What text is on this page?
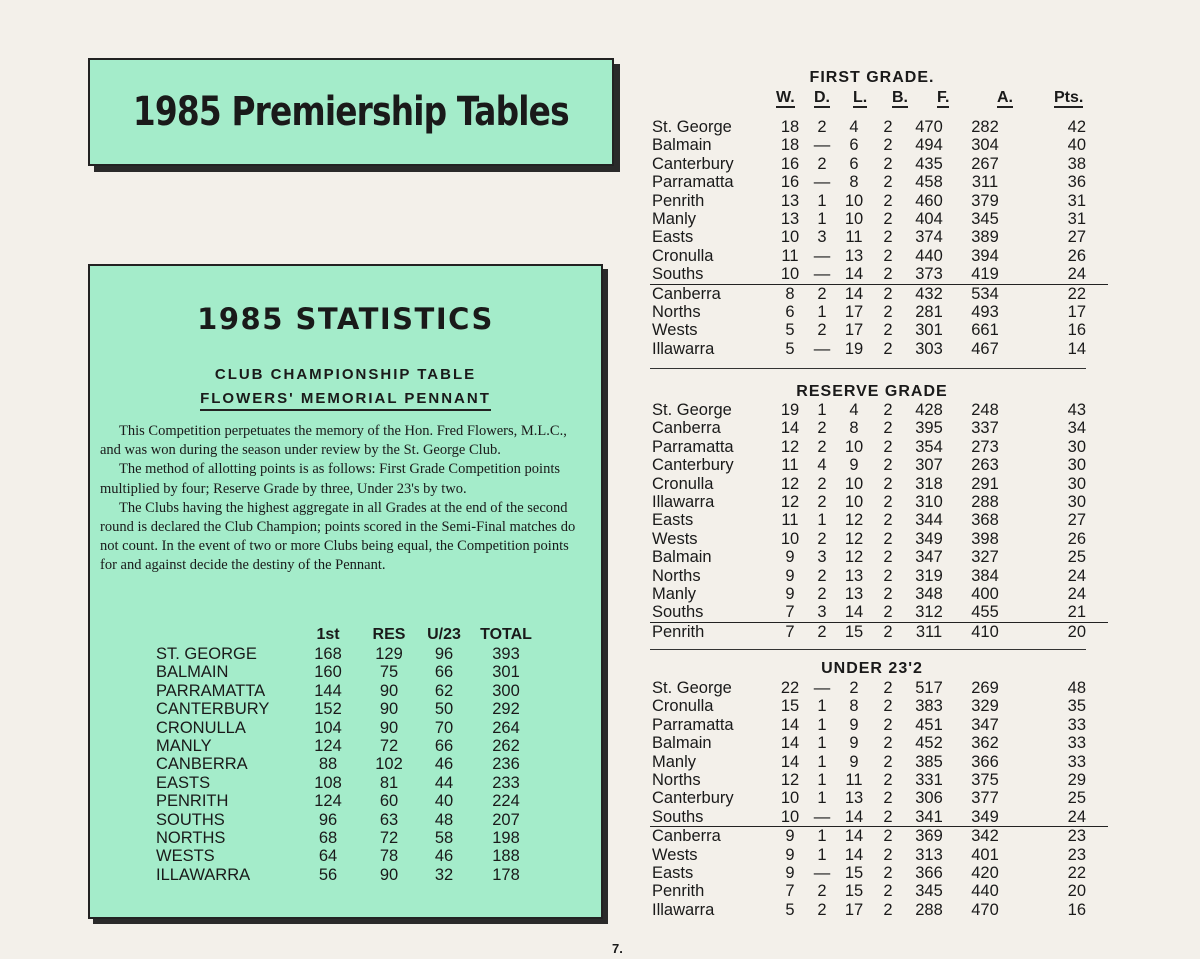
1985 Premiership Tables
1985 STATISTICS
CLUB CHAMPIONSHIP TABLE
FLOWERS' MEMORIAL PENNANT

This Competition perpetuates the memory of the Hon. Fred Flowers, M.L.C., and was won during the season under review by the St. George Club.

The method of allotting points is as follows: First Grade Competition points multiplied by four; Reserve Grade by three, Under 23's by two.

The Clubs having the highest aggregate in all Grades at the end of the second round is declared the Club Champion; points scored in the Semi-Final matches do not count. In the event of two or more Clubs being equal, the Competition points for and against decide the destiny of the Pennant.

	1st	RES	U/23	TOTAL
ST. GEORGE	168	129	96	393
BALMAIN	160	75	66	301
PARRAMATTA	144	90	62	300
CANTERBURY	152	90	50	292
CRONULLA	104	90	70	264
MANLY	124	72	66	262
CANBERRA	88	102	46	236
EASTS	108	81	44	233
PENRITH	124	60	40	224
SOUTHS	96	63	48	207
NORTHS	68	72	58	198
WESTS	64	78	46	188
ILLAWARRA	56	90	32	178
W. D. L. B. F.	A.	Pts.
FIRST GRADE.
St. George	18	2	4	2	470	282	42
Balmain	18	—	6	2	494	304	40
Canterbury	16	2	6	2	435	267	38
Parramatta	16	—	8	2	458	311	36
Penrith	13	1	10	2	460	379	31
Manly	13	1	10	2	404	345	31
Easts	10	3	11	2	374	389	27
Cronulla	11	—	13	2	440	394	26
Souths	10	—	14	2	373	419	24
Canberra	8	2	14	2	432	534	22
Norths	6	1	17	2	281	493	17
Wests	5	2	17	2	301	661	16
Illawarra	5	—	19	2	303	467	14
RESERVE GRADE
St. George	19	1	4	2	428	248	43
Canberra	14	2	8	2	395	337	34
Parramatta	12	2	10	2	354	273	30
Canterbury	11	4	9	2	307	263	30
Cronulla	12	2	10	2	318	291	30
Illawarra	12	2	10	2	310	288	30
Easts	11	1	12	2	344	368	27
Wests	10	2	12	2	349	398	26
Balmain	9	3	12	2	347	327	25
Norths	9	2	13	2	319	384	24
Manly	9	2	13	2	348	400	24
Souths	7	3	14	2	312	455	21
Penrith	7	2	15	2	311	410	20
UNDER 23'2
St. George	22	—	2	2	517	269	48
Cronulla	15	1	8	2	383	329	35
Parramatta	14	1	9	2	451	347	33
Balmain	14	1	9	2	452	362	33
Manly	14	1	9	2	385	366	33
Norths	12	1	11	2	331	375	29
Canterbury	10	1	13	2	306	377	25
Souths	10	—	14	2	341	349	24
Canberra	9	1	14	2	369	342	23
Wests	9	1	14	2	313	401	23
Easts	9	—	15	2	366	420	22
Penrith	7	2	15	2	345	440	20
Illawarra	5	2	17	2	288	470	16
7.
